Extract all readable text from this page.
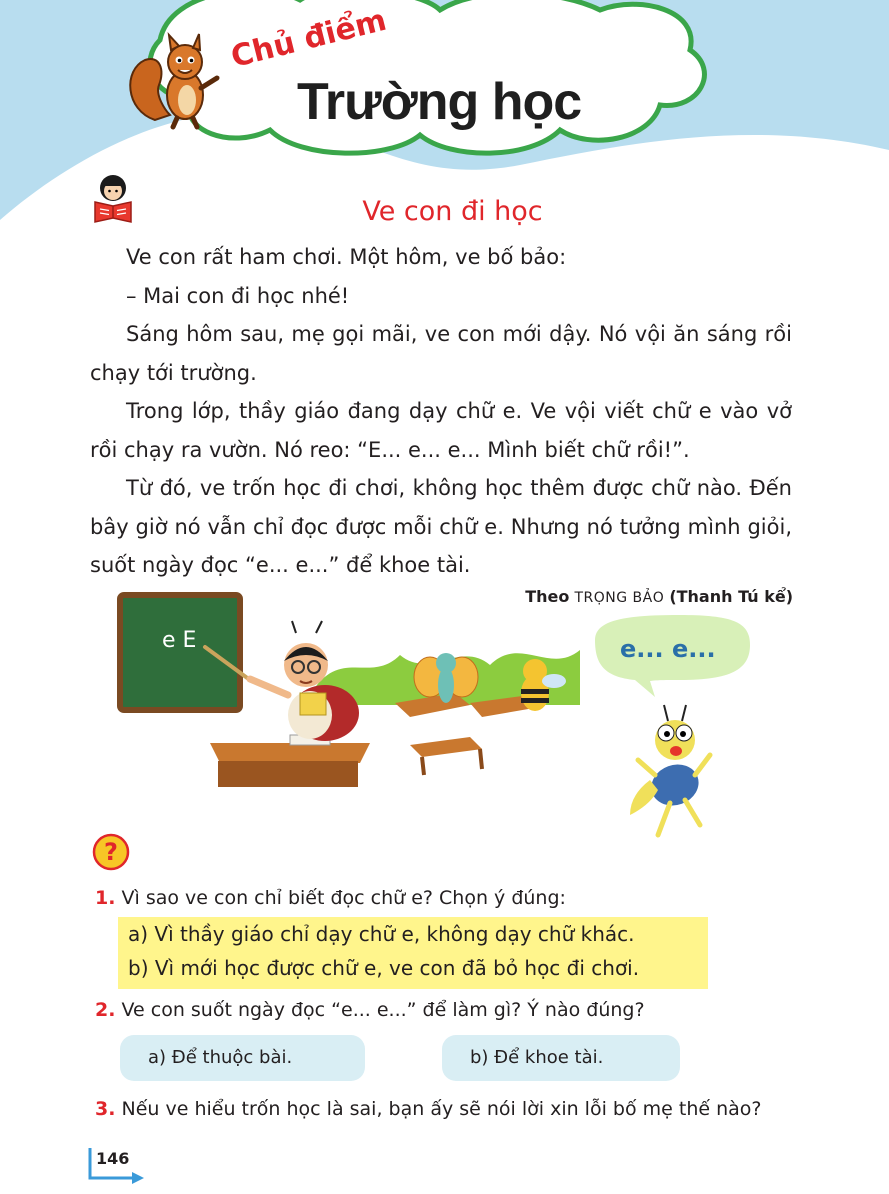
Chủ điểm
Trường học
Ve con đi học

Ve con rất ham chơi. Một hôm, ve bố bảo:

– Mai con đi học nhé!

Sáng hôm sau, mẹ gọi mãi, ve con mới dậy. Nó vội ăn sáng rồi chạy tới trường.

Trong lớp, thầy giáo đang dạy chữ e. Ve vội viết chữ e vào vở rồi chạy ra vườn. Nó reo: “E... e... e... Mình biết chữ rồi!”.

Từ đó, ve trốn học đi chơi, không học thêm được chữ nào. Đến bây giờ nó vẫn chỉ đọc được mỗi chữ e. Nhưng nó tưởng mình giỏi, suốt ngày đọc “e... e...” để khoe tài.

Theo TRỌNG BẢO (Thanh Tú kể)
e E	e... e...
?
1. Vì sao ve con chỉ biết đọc chữ e? Chọn ý đúng:
a) Vì thầy giáo chỉ dạy chữ e, không dạy chữ khác.
b) Vì mới học được chữ e, ve con đã bỏ học đi chơi.
2. Ve con suốt ngày đọc “e... e...” để làm gì? Ý nào đúng?
a) Để thuộc bài.	b) Để khoe tài.
3. Nếu ve hiểu trốn học là sai, bạn ấy sẽ nói lời xin lỗi bố mẹ thế nào?
146
